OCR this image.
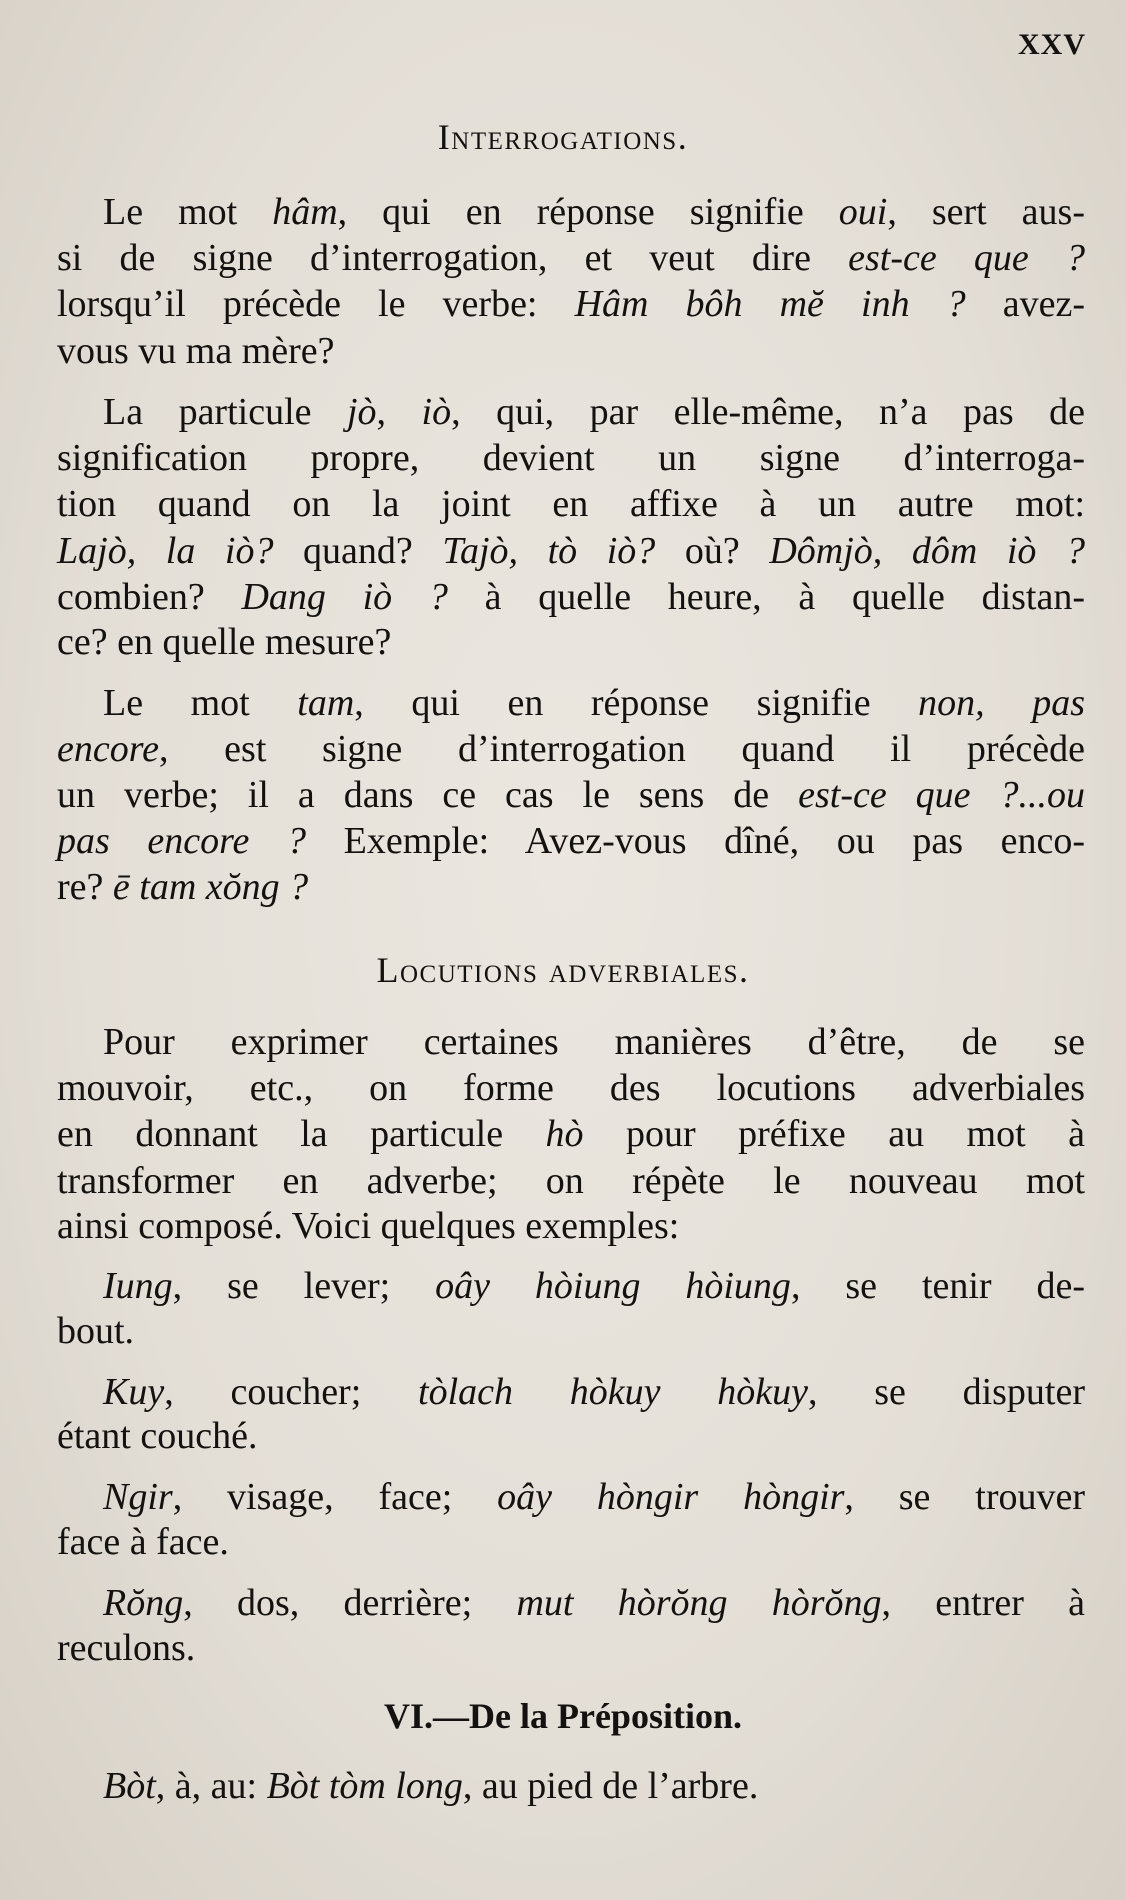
XXV
Interrogations.
Locutions adverbiales.
VI.—De la Préposition.
Le mot hâm, qui en réponse signifie oui, sert aus-
si de signe d’interrogation, et veut dire est-ce que ?
lorsqu’il précède le verbe: Hâm bôh mĕ inh ? avez-
vous vu ma mère?
La particule jò, iò, qui, par elle-même, n’a pas de
signification propre, devient un signe d’interroga-
tion quand on la joint en affixe à un autre mot:
Lajò, la iò? quand? Tajò, tò iò? où? Dômjò, dôm iò ?
combien? Dang iò ? à quelle heure, à quelle distan-
ce? en quelle mesure?
Le mot tam, qui en réponse signifie non, pas
encore, est signe d’interrogation quand il précède
un verbe; il a dans ce cas le sens de est-ce que ?...ou
pas encore ? Exemple: Avez-vous dîné, ou pas enco-
re? ē tam xŏng ?
Pour exprimer certaines manières d’être, de se
mouvoir, etc., on forme des locutions adverbiales
en donnant la particule hò pour préfixe au mot à
transformer en adverbe; on répète le nouveau mot
ainsi composé. Voici quelques exemples:
Iung, se lever; oây hòiung hòiung, se tenir de-
bout.
Kuy, coucher; tòlach hòkuy hòkuy, se disputer
étant couché.
Ngir, visage, face; oây hòngir hòngir, se trouver
face à face.
Rŏng, dos, derrière; mut hòrŏng hòrŏng, entrer à
reculons.
Bòt, à, au: Bòt tòm long, au pied de l’arbre.
